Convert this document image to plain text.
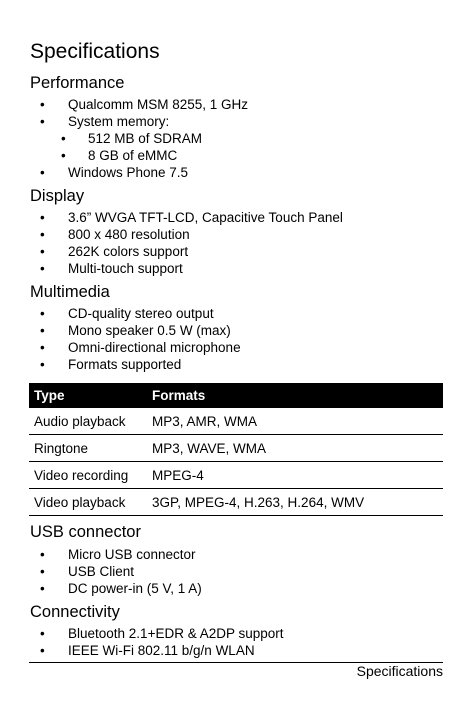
Specifications
Performance
• Qualcomm MSM 8255, 1 GHz
• System memory:
• 512 MB of SDRAM
• 8 GB of eMMC
• Windows Phone 7.5
Display
• 3.6” WVGA TFT-LCD, Capacitive Touch Panel
• 800 x 480 resolution
• 262K colors support
• Multi-touch support
Multimedia
• CD-quality stereo output
• Mono speaker 0.5 W (max)
• Omni-directional microphone
• Formats supported
Type	Formats
Audio playback	MP3, AMR, WMA
Ringtone	MP3, WAVE, WMA
Video recording	MPEG-4
Video playback	3GP, MPEG-4, H.263, H.264, WMV
USB connector
• Micro USB connector
• USB Client
• DC power-in (5 V, 1 A)
Connectivity
• Bluetooth 2.1+EDR & A2DP support
• IEEE Wi-Fi 802.11 b/g/n WLAN
Specifications
